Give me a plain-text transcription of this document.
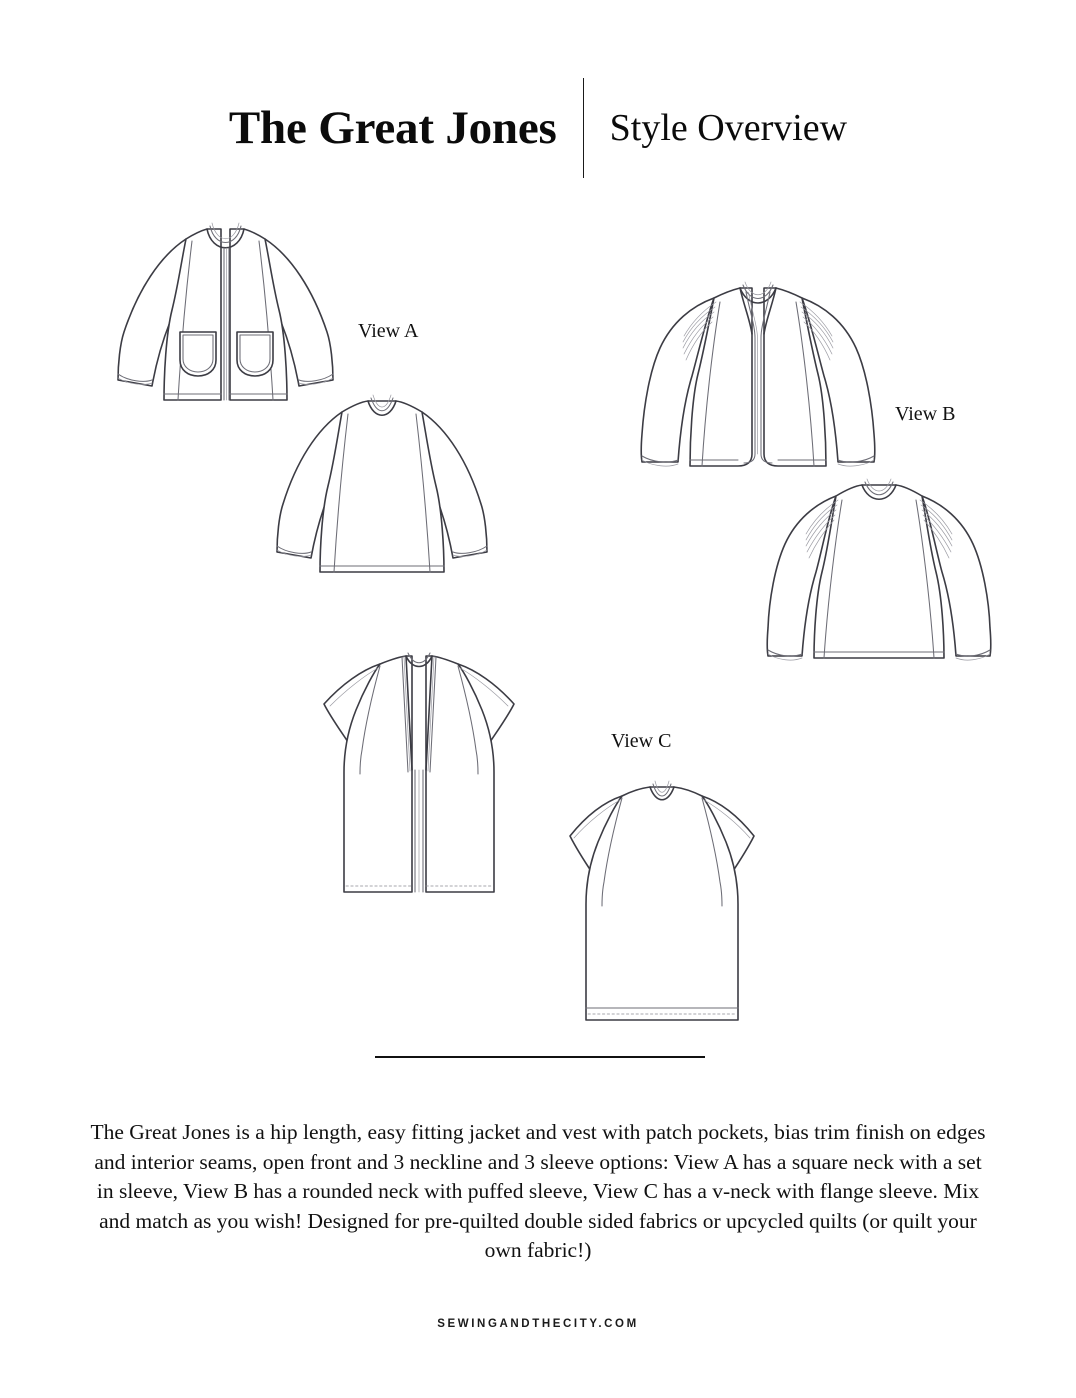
The Great Jones	Style Overview
View A
View B
View C
The Great Jones is a hip length, easy fitting jacket and vest with patch pockets, bias trim finish on edges and interior seams, open front and 3 neckline and 3 sleeve options: View A has a square neck with a set in sleeve, View B has a rounded neck with puffed sleeve, View C has a v-neck with flange sleeve. Mix and match as you wish! Designed for pre-quilted double sided fabrics or upcycled quilts (or quilt your own fabric!)
SEWINGANDTHECITY.COM
